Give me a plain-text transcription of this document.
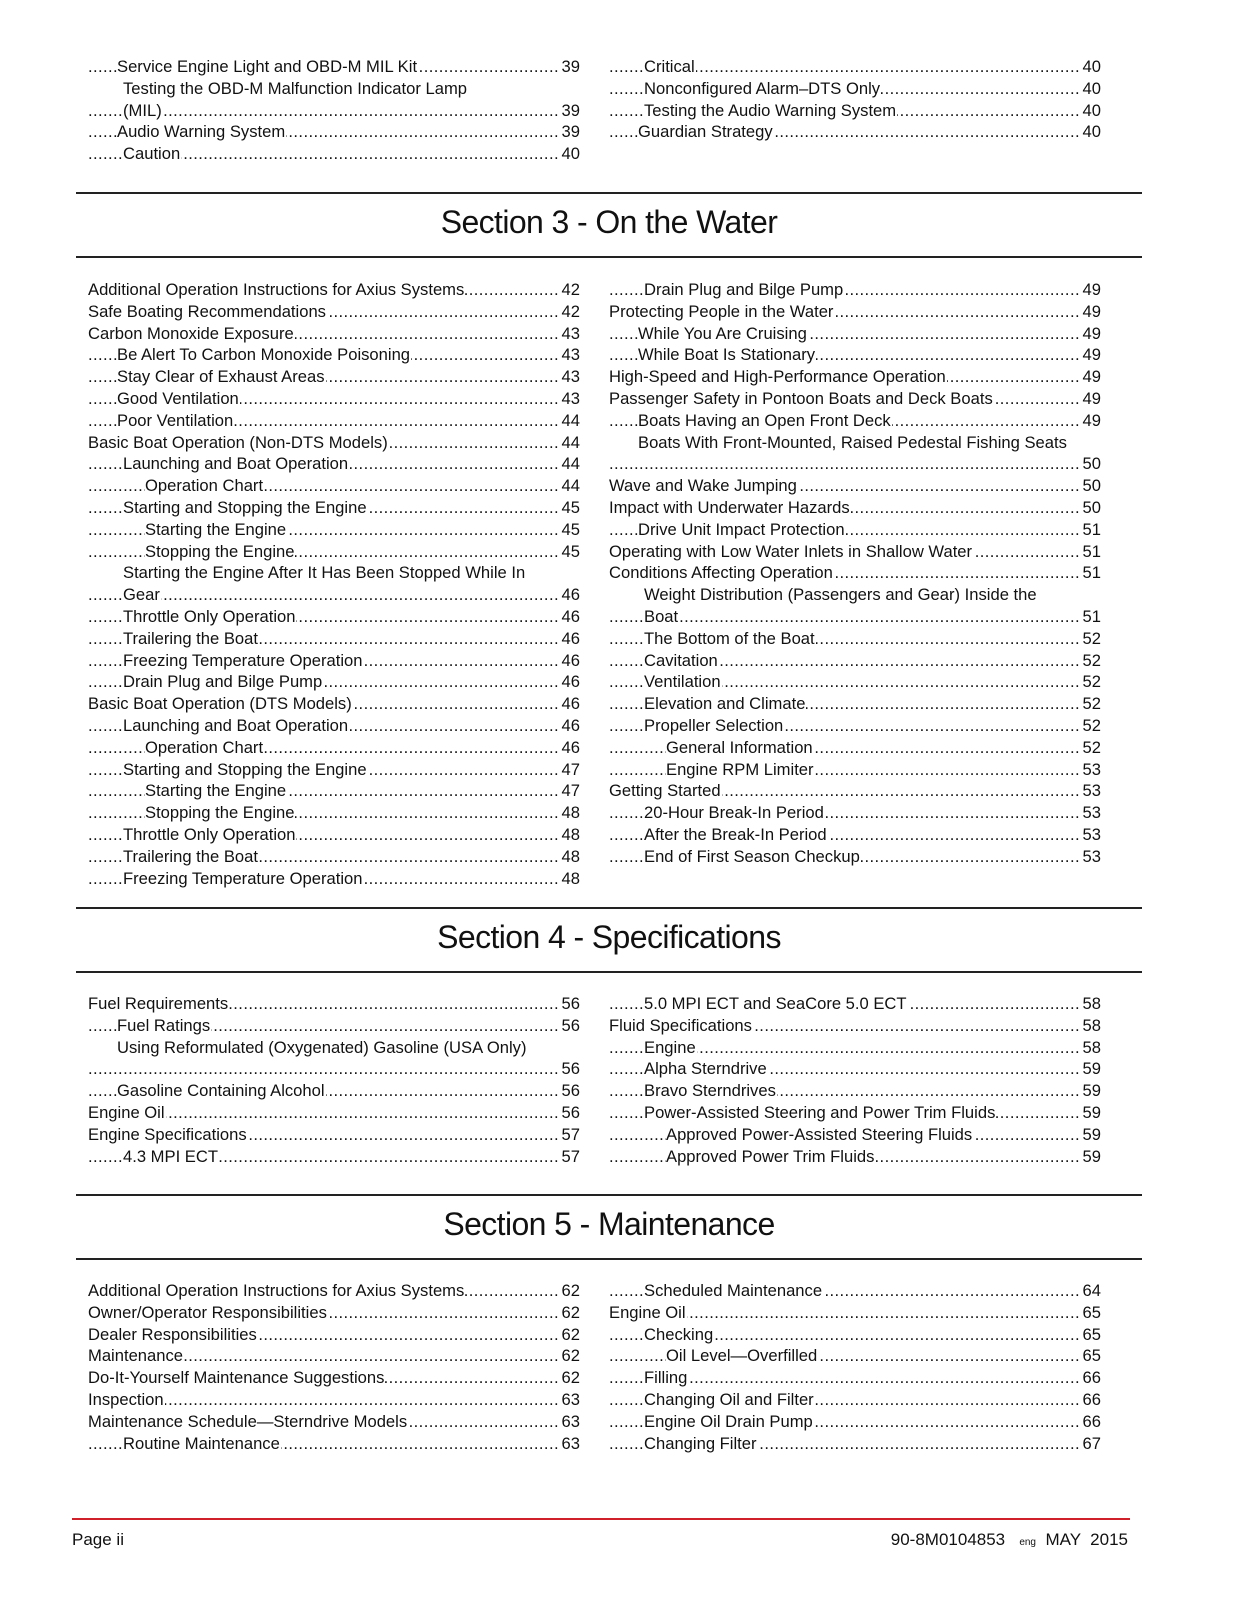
Service Engine Light and OBD-M MIL Kit	39
.....
Testing the OBD-M Malfunction Indicator Lamp
(MIL)	39
.....
Audio Warning System	39
.....
Caution	40
.....
Critical	40
.....
Nonconfigured Alarm–DTS Only	40
.....
Testing the Audio Warning System	40
.....
Guardian Strategy	40
.....
Section 3 - On the Water
Additional Operation Instructions for Axius Systems	42
.....
Safe Boating Recommendations	42
.....
Carbon Monoxide Exposure	43
.....
Be Alert To Carbon Monoxide Poisoning	43
.....
Stay Clear of Exhaust Areas	43
.....
Good Ventilation	43
.....
Poor Ventilation	44
.....
Basic Boat Operation (Non-DTS Models)	44
.....
Launching and Boat Operation	44
.....
Operation Chart	44
.....
Starting and Stopping the Engine	45
.....
Starting the Engine	45
.....
Stopping the Engine	45
.....
Starting the Engine After It Has Been Stopped While In
Gear	46
.....
Throttle Only Operation	46
.....
Trailering the Boat	46
.....
Freezing Temperature Operation	46
.....
Drain Plug and Bilge Pump	46
.....
Basic Boat Operation (DTS Models)	46
.....
Launching and Boat Operation	46
.....
Operation Chart	46
.....
Starting and Stopping the Engine	47
.....
Starting the Engine	47
.....
Stopping the Engine	48
.....
Throttle Only Operation	48
.....
Trailering the Boat	48
.....
Freezing Temperature Operation	48
.....
Drain Plug and Bilge Pump	49
.....
Protecting People in the Water	49
.....
While You Are Cruising	49
.....
While Boat Is Stationary	49
.....
High-Speed and High-Performance Operation	49
.....
Passenger Safety in Pontoon Boats and Deck Boats	49
.....
Boats Having an Open Front Deck	49
.....
Boats With Front-Mounted, Raised Pedestal Fishing Seats
50
.....
Wave and Wake Jumping	50
.....
Impact with Underwater Hazards	50
.....
Drive Unit Impact Protection	51
.....
Operating with Low Water Inlets in Shallow Water	51
.....
Conditions Affecting Operation	51
.....
Weight Distribution (Passengers and Gear) Inside the
Boat	51
.....
The Bottom of the Boat	52
.....
Cavitation	52
.....
Ventilation	52
.....
Elevation and Climate	52
.....
Propeller Selection	52
.....
General Information	52
.....
Engine RPM Limiter	53
.....
Getting Started	53
.....
20-Hour Break-In Period	53
.....
After the Break-In Period	53
.....
End of First Season Checkup	53
.....
Section 4 - Specifications
Fuel Requirements	56
.....
Fuel Ratings	56
.....
Using Reformulated (Oxygenated) Gasoline (USA Only)
56
.....
Gasoline Containing Alcohol	56
.....
Engine Oil	56
.....
Engine Specifications	57
.....
4.3 MPI ECT	57
.....
5.0 MPI ECT and SeaCore 5.0 ECT	58
.....
Fluid Specifications	58
.....
Engine	58
.....
Alpha Sterndrive	59
.....
Bravo Sterndrives	59
.....
Power-Assisted Steering and Power Trim Fluids	59
.....
Approved Power-Assisted Steering Fluids	59
.....
Approved Power Trim Fluids	59
.....
Section 5 - Maintenance
Additional Operation Instructions for Axius Systems	62
.....
Owner/Operator Responsibilities	62
.....
Dealer Responsibilities	62
.....
Maintenance	62
.....
Do-It-Yourself Maintenance Suggestions	62
.....
Inspection	63
.....
Maintenance Schedule—Sterndrive Models	63
.....
Routine Maintenance	63
.....
Scheduled Maintenance	64
.....
Engine Oil	65
.....
Checking	65
.....
Oil Level—Overfilled	65
.....
Filling	66
.....
Changing Oil and Filter	66
.....
Engine Oil Drain Pump	66
.....
Changing Filter	67
.....
Page ii	90-8M0104853 eng MAY  2015
